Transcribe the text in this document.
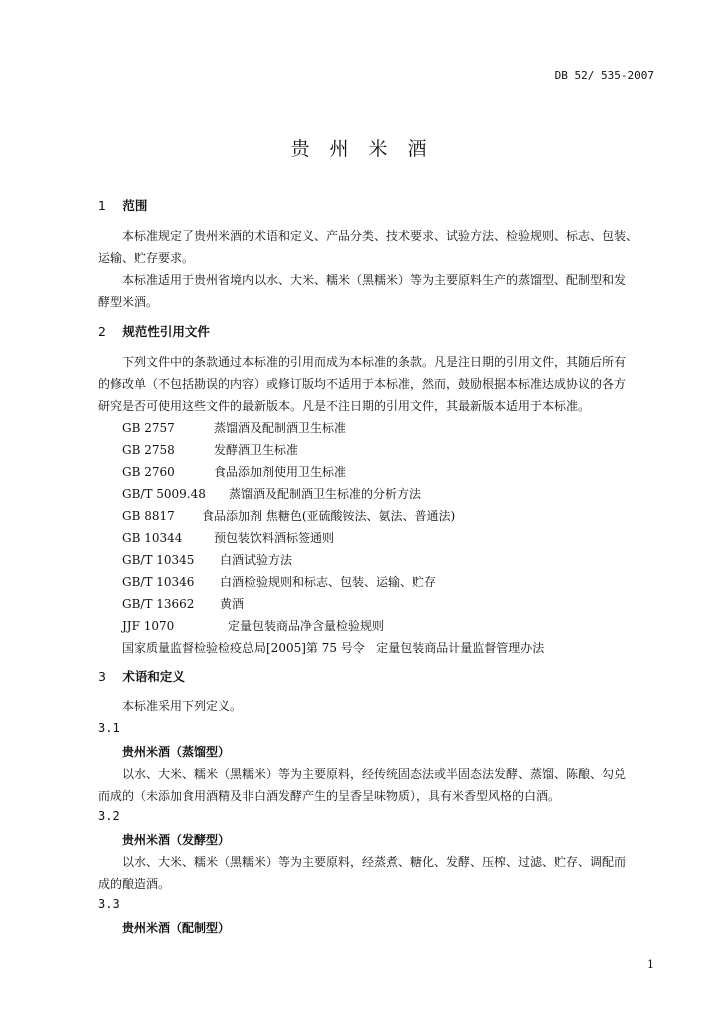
DB 52/ 535-2007
贵 州 米 酒
1 范围
本标准规定了贵州米酒的术语和定义、产品分类、技术要求、试验方法、检验规则、标志、包装、
运输、贮存要求。
本标准适用于贵州省境内以水、大米、糯米（黑糯米）等为主要原料生产的蒸馏型、配制型和发
酵型米酒。
2 规范性引用文件
下列文件中的条款通过本标准的引用而成为本标准的条款。凡是注日期的引用文件，其随后所有
的修改单（不包括勘误的内容）或修订版均不适用于本标准，然而，鼓励根据本标准达成协议的各方
研究是否可使用这些文件的最新版本。凡是不注日期的引用文件，其最新版本适用于本标准。
GB 2757	蒸馏酒及配制酒卫生标准
GB 2758	发酵酒卫生标准
GB 2760	食品添加剂使用卫生标准
GB/T 5009.48 蒸馏酒及配制酒卫生标准的分析方法
GB 8817 食品添加剂 焦糖色(亚硫酸铵法、氨法、普通法)
GB 10344	预包装饮料酒标签通则
GB/T 10345 白酒试验方法
GB/T 10346 白酒检验规则和标志、包装、运输、贮存
GB/T 13662 黄酒
JJF 1070	定量包装商品净含量检验规则
国家质量监督检验检疫总局[2005]第 75 号令   定量包装商品计量监督管理办法
3 术语和定义
本标准采用下列定义。
3.1
贵州米酒（蒸馏型）
以水、大米、糯米（黑糯米）等为主要原料，经传统固态法或半固态法发酵、蒸馏、陈酿、勾兑
而成的（未添加食用酒精及非白酒发酵产生的呈香呈味物质），具有米香型风格的白酒。
3.2
贵州米酒（发酵型）
以水、大米、糯米（黑糯米）等为主要原料，经蒸煮、糖化、发酵、压榨、过滤、贮存、调配而
成的酿造酒。
3.3
贵州米酒（配制型）
1
